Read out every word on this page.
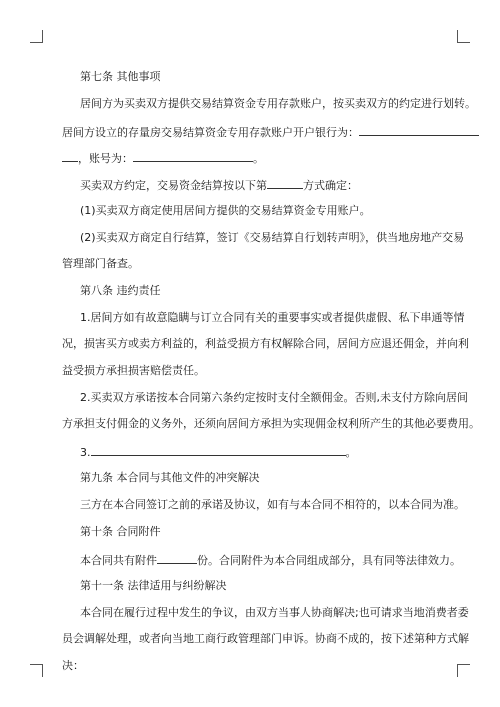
第七条 其他事项
居间方为买卖双方提供交易结算资金专用存款账户，按买卖双方的约定进行划转。
居间方设立的存量房交易结算资金专用存款账户开户银行为：
，账号为：	。
买卖双方约定，交易资金结算按以下第	方式确定：
(1)买卖双方商定使用居间方提供的交易结算资金专用账户。
(2)买卖双方商定自行结算，签订《交易结算自行划转声明》，供当地房地产交易
管理部门备查。
第八条 违约责任
1.居间方如有故意隐瞒与订立合同有关的重要事实或者提供虚假、私下串通等情
况，损害买方或卖方利益的，利益受损方有权解除合同，居间方应退还佣金，并向利
益受损方承担损害赔偿责任。
2.买卖双方承诺按本合同第六条约定按时支付全额佣金。否则,未支付方除向居间
方承担支付佣金的义务外，还须向居间方承担为实现佣金权利所产生的其他必要费用。
3.	。
第九条 本合同与其他文件的冲突解决
三方在本合同签订之前的承诺及协议，如有与本合同不相符的，以本合同为准。
第十条 合同附件
本合同共有附件	份。合同附件为本合同组成部分，具有同等法律效力。
第十一条 法律适用与纠纷解决
本合同在履行过程中发生的争议，由双方当事人协商解决;也可请求当地消费者委
员会调解处理，或者向当地工商行政管理部门申诉。协商不成的，按下述第种方式解
决：
